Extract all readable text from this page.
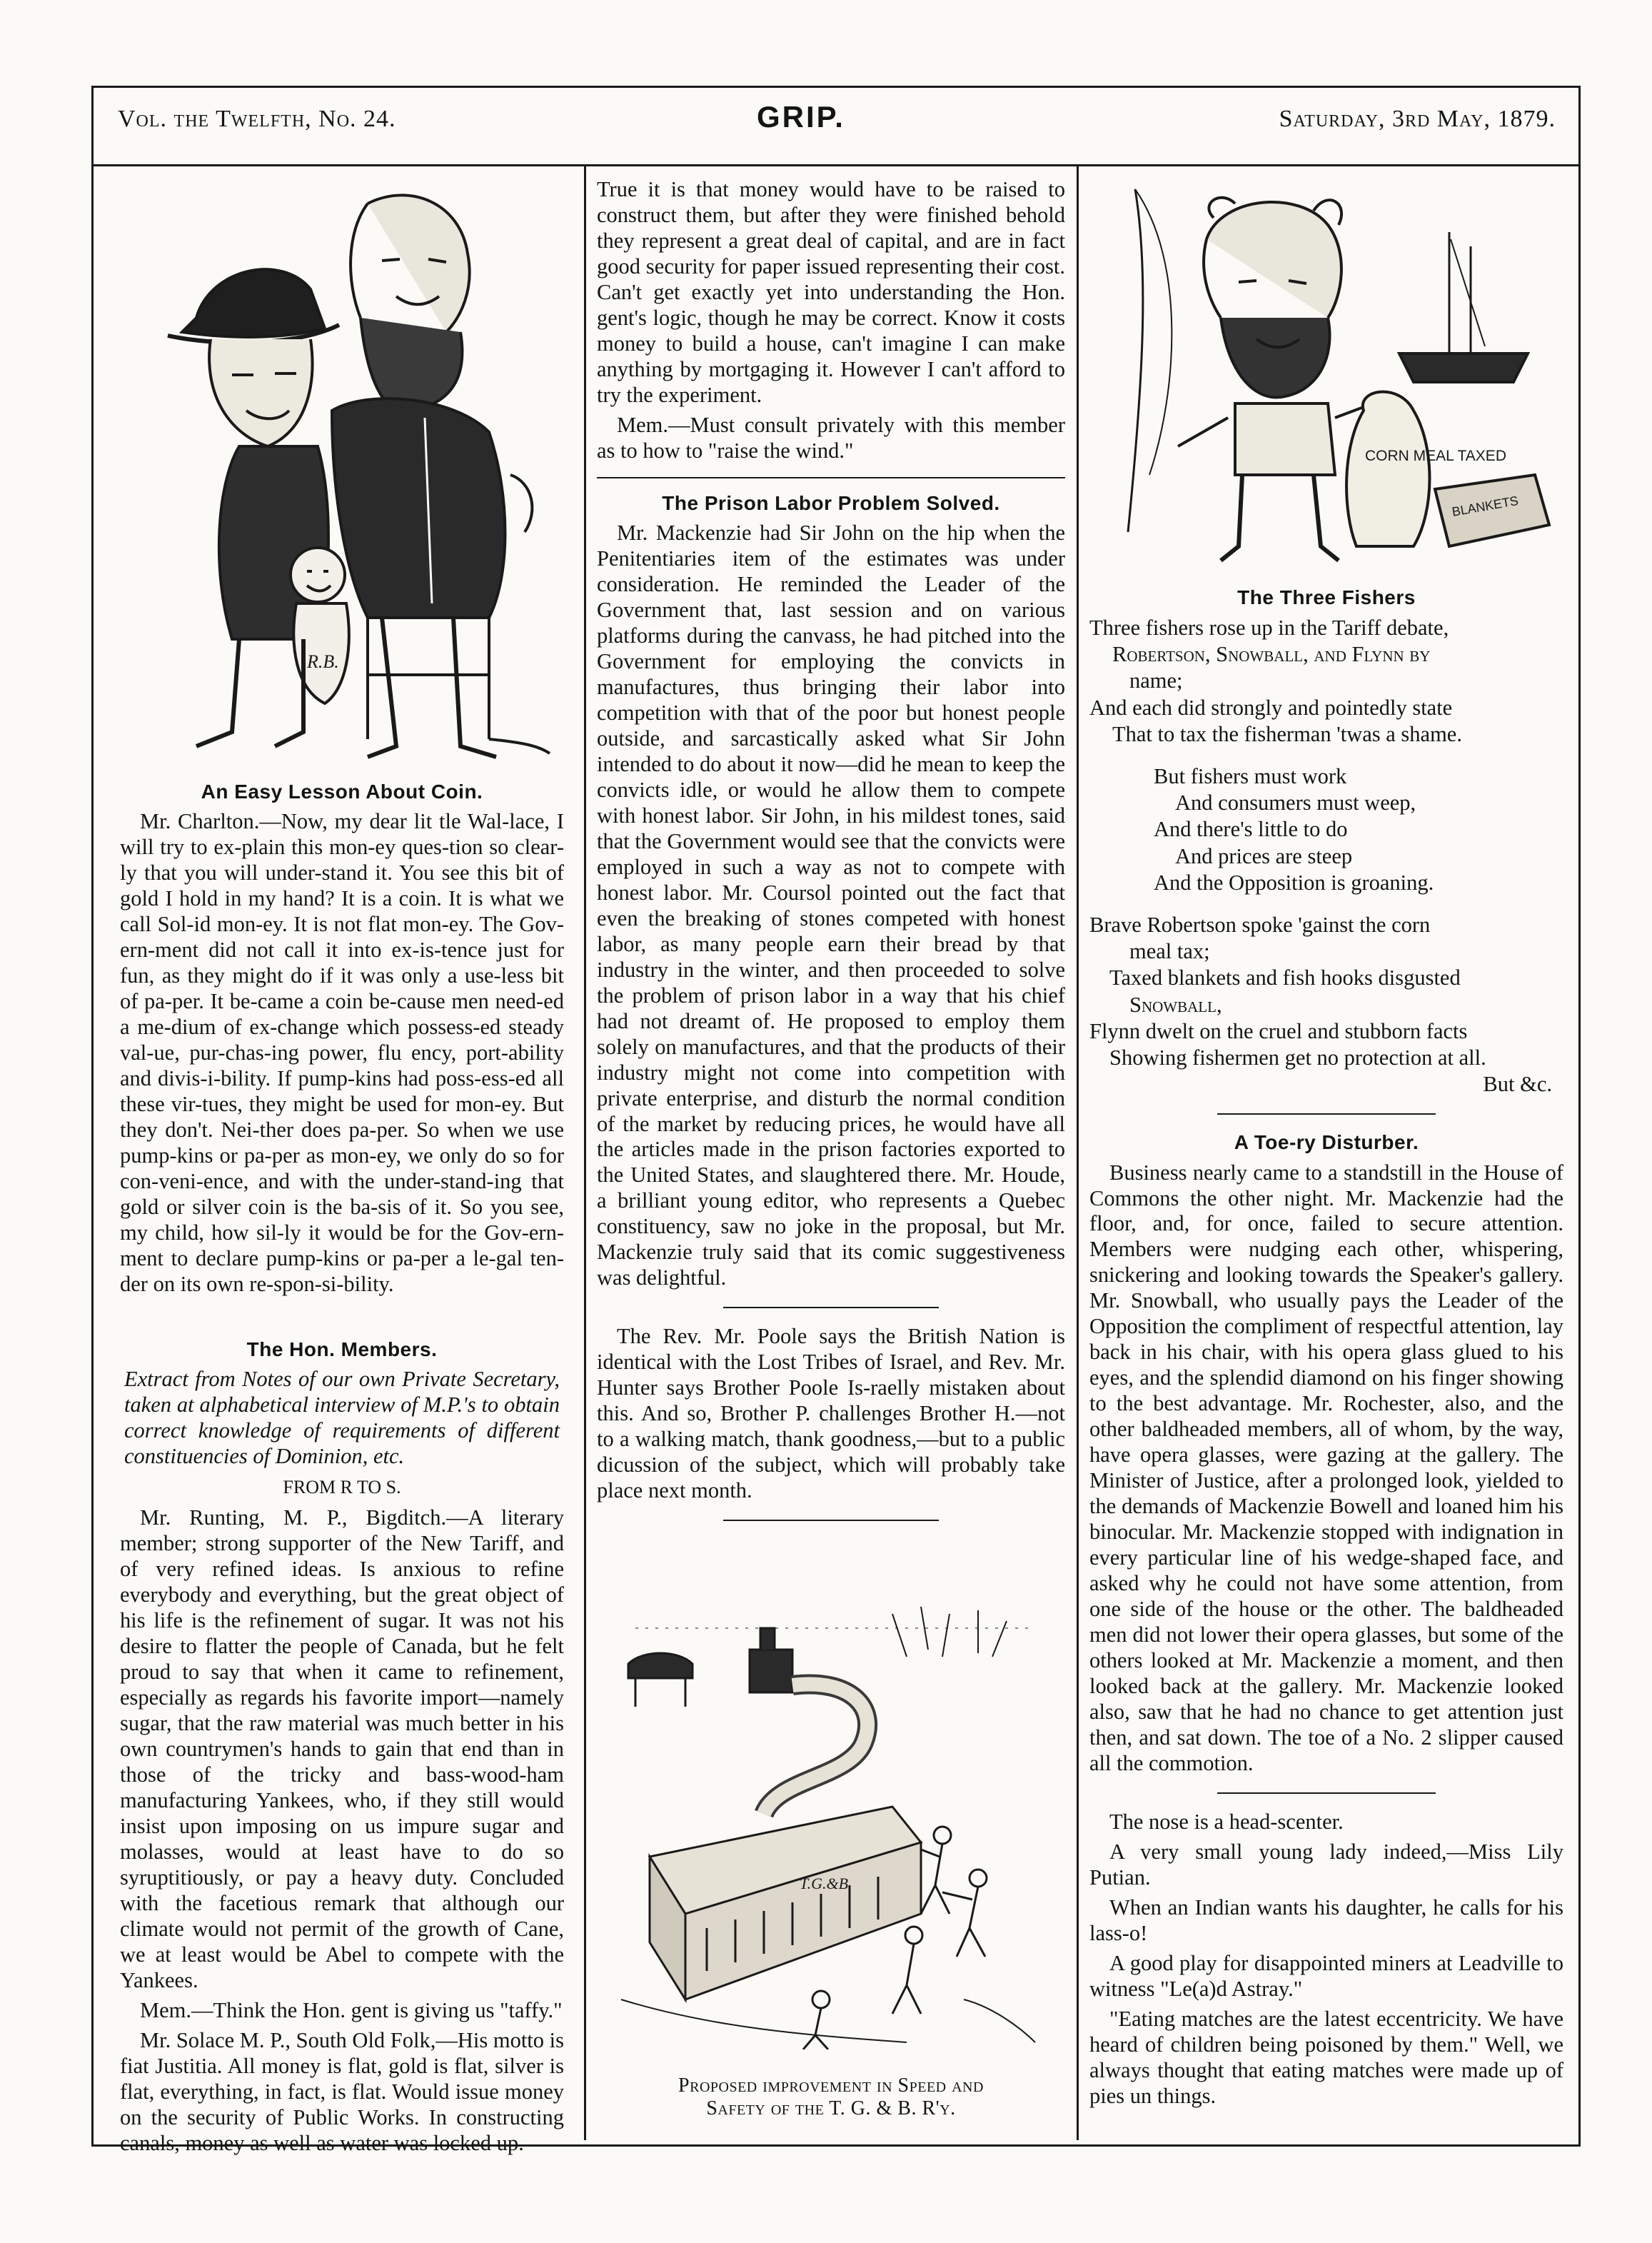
Vol. the Twelfth, No. 24.	GRIP.	Saturday, 3rd May, 1879.
R.B.
An Easy Lesson About Coin.

Mr. Charlton.—Now, my dear lit tle Wal-lace, I will try to ex-plain this mon-ey ques-tion so clear-ly that you will under-stand it. You see this bit of gold I hold in my hand? It is a coin. It is what we call Sol-id mon-ey. It is not flat mon-ey. The Gov-ern-ment did not call it into ex-is-tence just for fun, as they might do if it was only a use-less bit of pa-per. It be-came a coin be-cause men need-ed a me-dium of ex-change which possess-ed steady val-ue, pur-chas-ing power, flu ency, port-ability and divis-i-bility. If pump-kins had poss-ess-ed all these vir-tues, they might be used for mon-ey. But they don't. Nei-ther does pa-per. So when we use pump-kins or pa-per as mon-ey, we only do so for con-veni-ence, and with the under-stand-ing that gold or silver coin is the ba-sis of it. So you see, my child, how sil-ly it would be for the Gov-ern-ment to declare pump-kins or pa-per a le-gal ten-der on its own re-spon-si-bility.

The Hon. Members.

Extract from Notes of our own Private Secretary, taken at alphabetical interview of M.P.'s to obtain correct knowledge of requirements of different constituencies of Dominion, etc.

FROM R TO S.

Mr. Runting, M. P., Bigditch.—A literary member; strong supporter of the New Tariff, and of very refined ideas. Is anxious to refine everybody and everything, but the great object of his life is the refinement of sugar. It was not his desire to flatter the people of Canada, but he felt proud to say that when it came to refinement, especially as regards his favorite import—namely sugar, that the raw material was much better in his own countrymen's hands to gain that end than in those of the tricky and bass-wood-ham manufacturing Yankees, who, if they still would insist upon imposing on us impure sugar and molasses, would at least have to do so syruptitiously, or pay a heavy duty. Concluded with the facetious remark that although our climate would not permit of the growth of Cane, we at least would be Abel to compete with the Yankees.

Mem.—Think the Hon. gent is giving us "taffy."

Mr. Solace M. P., South Old Folk,—His motto is fiat Justitia. All money is flat, gold is flat, silver is flat, everything, in fact, is flat. Would issue money on the security of Public Works. In constructing canals, money as well as water was locked up.

True it is that money would have to be raised to construct them, but after they were finished behold they represent a great deal of capital, and are in fact good security for paper issued representing their cost. Can't get exactly yet into understanding the Hon. gent's logic, though he may be correct. Know it costs money to build a house, can't imagine I can make anything by mortgaging it. However I can't afford to try the experiment.

Mem.—Must consult privately with this member as to how to "raise the wind."

The Prison Labor Problem Solved.

Mr. Mackenzie had Sir John on the hip when the Penitentiaries item of the estimates was under consideration. He reminded the Leader of the Government that, last session and on various platforms during the canvass, he had pitched into the Government for employing the convicts in manufactures, thus bringing their labor into competition with that of the poor but honest people outside, and sarcastically asked what Sir John intended to do about it now—did he mean to keep the convicts idle, or would he allow them to compete with honest labor. Sir John, in his mildest tones, said that the Government would see that the convicts were employed in such a way as not to compete with honest labor. Mr. Coursol pointed out the fact that even the breaking of stones competed with honest labor, as many people earn their bread by that industry in the winter, and then proceeded to solve the problem of prison labor in a way that his chief had not dreamt of. He proposed to employ them solely on manufactures, and that the products of their industry might not come into competition with private enterprise, and disturb the normal condition of the market by reducing prices, he would have all the articles made in the prison factories exported to the United States, and slaughtered there. Mr. Houde, a brilliant young editor, who represents a Quebec constituency, saw no joke in the proposal, but Mr. Mackenzie truly said that its comic suggestiveness was delightful.

The Rev. Mr. Poole says the British Nation is identical with the Lost Tribes of Israel, and Rev. Mr. Hunter says Brother Poole Is-raelly mistaken about this. And so, Brother P. challenges Brother H.—not to a walking match, thank goodness,—but to a public dicussion of the subject, which will probably take place next month.

T.G.&B.
Proposed improvement in Speed and
Safety of the T. G. & B. R'y.
CORN MEAL TAXED
BLANKETS
The Three Fishers
Three fishers rose up in the Tariff debate,
Robertson, Snowball, and Flynn by
name;
And each did strongly and pointedly state
That to tax the fisherman 'twas a shame.
But fishers must work
And consumers must weep,
And there's little to do
And prices are steep
And the Opposition is groaning.
Brave Robertson spoke 'gainst the corn
meal tax;
Taxed blankets and fish hooks disgusted
Snowball,
Flynn dwelt on the cruel and stubborn facts
Showing fishermen get no protection at all.
But &c.
A Toe-ry Disturber.

Business nearly came to a standstill in the House of Commons the other night. Mr. Mackenzie had the floor, and, for once, failed to secure attention. Members were nudging each other, whispering, snickering and looking towards the Speaker's gallery. Mr. Snowball, who usually pays the Leader of the Opposition the compliment of respectful attention, lay back in his chair, with his opera glass glued to his eyes, and the splendid diamond on his finger showing to the best advantage. Mr. Rochester, also, and the other baldheaded members, all of whom, by the way, have opera glasses, were gazing at the gallery. The Minister of Justice, after a prolonged look, yielded to the demands of Mackenzie Bowell and loaned him his binocular. Mr. Mackenzie stopped with indignation in every particular line of his wedge-shaped face, and asked why he could not have some attention, from one side of the house or the other. The baldheaded men did not lower their opera glasses, but some of the others looked at Mr. Mackenzie a moment, and then looked back at the gallery. Mr. Mackenzie looked also, saw that he had no chance to get attention just then, and sat down. The toe of a No. 2 slipper caused all the commotion.

The nose is a head-scenter.

A very small young lady indeed,—Miss Lily Putian.

When an Indian wants his daughter, he calls for his lass-o!

A good play for disappointed miners at Leadville to witness "Le(a)d Astray."

"Eating matches are the latest eccentricity. We have heard of children being poisoned by them." Well, we always thought that eating matches were made up of pies un things.
